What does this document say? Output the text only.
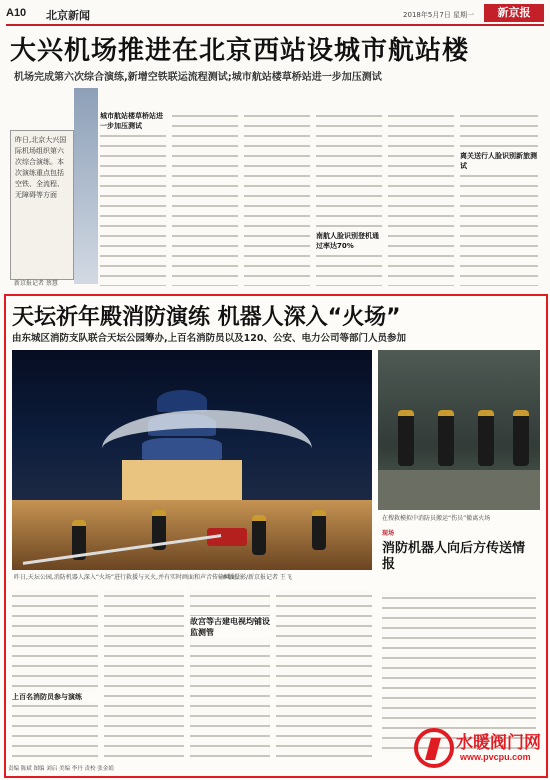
A10 北京新闻	2018年5月7日 星期一	新京报
大兴机场推进在北京西站设城市航站楼
机场完成第六次综合演练,新增空铁联运流程测试;城市航站楼草桥站进一步加压测试

昨日,北京大兴国际机场组织第六次综合演练。本次演练重点包括空铁、全流程、无障碍等方面

新京报记者 蔡慧
城市航站楼草桥站进一步加压测试
南航人脸识别登机通过率达70%
离关送行人脸识别新旅测试
天坛祈年殿消防演练 机器人深入“火场”
由东城区消防支队联合天坛公园筹办,上百名消防员以及120、公安、电力公司等部门人员参加
昨日,天坛公园,消防机器人深入“火场”进行救援与灭火,并有实时画面和声音传输画面。
本版摄影/新京报记者 王飞
在搜救模拟中消防员搬运“伤员”撤离火场
现场
消防机器人向后方传送情报
上百名消防员参与演练
故宫等古建电视均铺设监测管
责编 陈斌 图编 刘启 美编 李丹 责校 张金娟
水暖阀门网
www.pvcpu.com
